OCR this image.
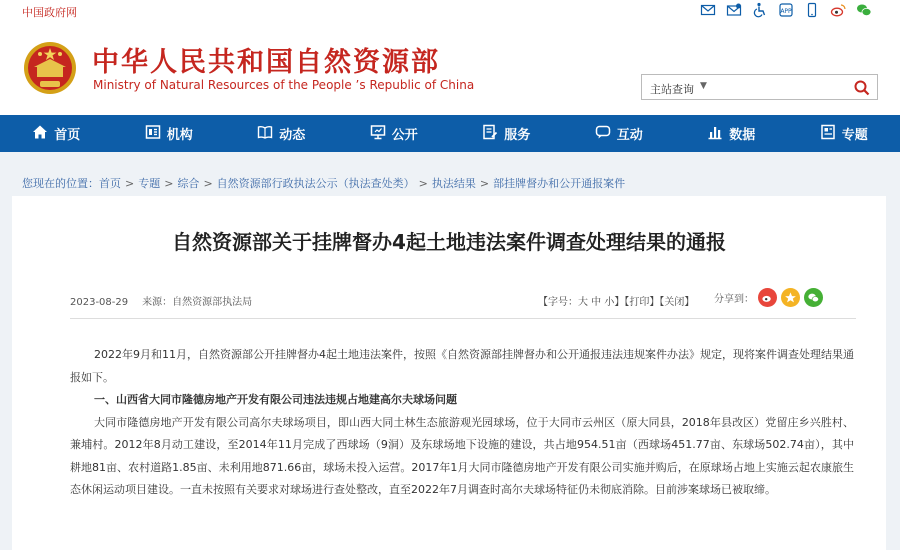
中国政府网	APP
中华人民共和国自然资源部
Ministry of Natural Resources of the People ’s Republic of China	主站查询 ▼
首页	机构	动态	公开	服务	互动	数据	专题
您现在的位置：首页 > 专题 > 综合 > 自然资源部行政执法公示（执法查处类） > 执法结果 > 部挂牌督办和公开通报案件
自然资源部关于挂牌督办4起土地违法案件调查处理结果的通报
2023-08-29 来源：自然资源部执法局	【字号：大 中 小】【打印】【关闭】 分享到：

2022年9月和11月，自然资源部公开挂牌督办4起土地违法案件，按照《自然资源部挂牌督办和公开通报违法违规案件办法》规定，现将案件调查处理结果通报如下。

一、山西省大同市隆德房地产开发有限公司违法违规占地建高尔夫球场问题

大同市隆德房地产开发有限公司高尔夫球场项目，即山西大同土林生态旅游观光园球场，位于大同市云州区（原大同县，2018年县改区）党留庄乡兴胜村、兼埔村。2012年8月动工建设，至2014年11月完成了西球场（9洞）及东球场地下设施的建设，共占地954.51亩（西球场451.77亩、东球场502.74亩），其中耕地81亩、农村道路1.85亩、未利用地871.66亩，球场未投入运营。2017年1月大同市隆德房地产开发有限公司实施并购后，在原球场占地上实施云起农康旅生态休闲运动项目建设。一直未按照有关要求对球场进行查处整改，直至2022年7月调查时高尔夫球场特征仍未彻底消除。目前涉案球场已被取缔。
